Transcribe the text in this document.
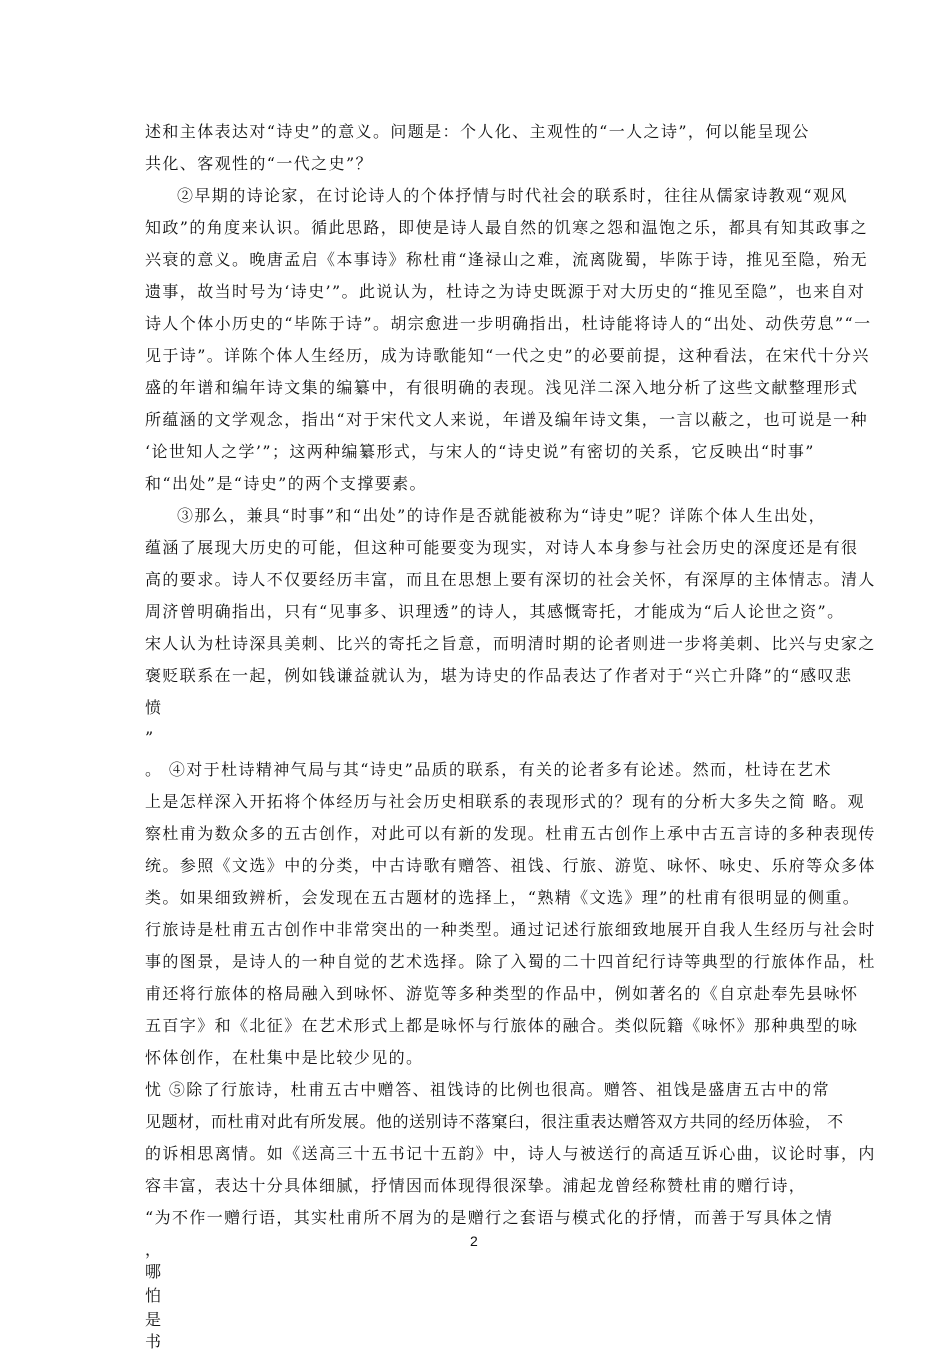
述和主体表达对“诗史”的意义。问题是：个人化、主观性的“一人之诗”，何以能呈现公
共化、客观性的“一代之史”？
②早期的诗论家，在讨论诗人的个体抒情与时代社会的联系时，往往从儒家诗教观“观风
知政”的角度来认识。循此思路，即使是诗人最自然的饥寒之怨和温饱之乐，都具有知其政事之
兴衰的意义。晚唐孟启《本事诗》称杜甫“逢禄山之难，流离陇蜀，毕陈于诗，推见至隐，殆无
遗事，故当时号为‘诗史’”。此说认为，杜诗之为诗史既源于对大历史的“推见至隐”，也来自对
诗人个体小历史的“毕陈于诗”。胡宗愈进一步明确指出，杜诗能将诗人的“出处、动佚劳息”“一
见于诗”。详陈个体人生经历，成为诗歌能知“一代之史”的必要前提，这种看法，在宋代十分兴
盛的年谱和编年诗文集的编纂中，有很明确的表现。浅见洋二深入地分析了这些文献整理形式
所蕴涵的文学观念，指出“对于宋代文人来说，年谱及编年诗文集，一言以蔽之，也可说是一种
‘论世知人之学’”；这两种编纂形式，与宋人的“诗史说”有密切的关系，它反映出“时事”
和“出处”是“诗史”的两个支撑要素。
③那么，兼具“时事”和“出处”的诗作是否就能被称为“诗史”呢？详陈个体人生出处，
蕴涵了展现大历史的可能，但这种可能要变为现实，对诗人本身参与社会历史的深度还是有很
高的要求。诗人不仅要经历丰富，而且在思想上要有深切的社会关怀，有深厚的主体情志。清人
周济曾明确指出，只有“见事多、识理透”的诗人，其感慨寄托，才能成为“后人论世之资”。
宋人认为杜诗深具美刺、比兴的寄托之旨意，而明清时期的论者则进一步将美刺、比兴与史家之
褒贬联系在一起，例如钱谦益就认为，堪为诗史的作品表达了作者对于“兴亡升降”的“感叹悲
愤
”
。 ④对于杜诗精神气局与其“诗史”品质的联系，有关的论者多有论述。然而，杜诗在艺术
上是怎样深入开拓将个体经历与社会历史相联系的表现形式的？现有的分析大多失之简 略。观
察杜甫为数众多的五古创作，对此可以有新的发现。杜甫五古创作上承中古五言诗的多种表现传
统。参照《文选》中的分类，中古诗歌有赠答、祖饯、行旅、游览、咏怀、咏史、乐府等众多体
类。如果细致辨析，会发现在五古题材的选择上，“熟精《文选》理”的杜甫有很明显的侧重。
行旅诗是杜甫五古创作中非常突出的一种类型。通过记述行旅细致地展开自我人生经历与社会时
事的图景，是诗人的一种自觉的艺术选择。除了入蜀的二十四首纪行诗等典型的行旅体作品，杜
甫还将行旅体的格局融入到咏怀、游览等多种类型的作品中，例如著名的《自京赴奉先县咏怀
五百字》和《北征》在艺术形式上都是咏怀与行旅体的融合。类似阮籍《咏怀》那种典型的咏
怀体创作，在杜集中是比较少见的。
忧 ⑤除了行旅诗，杜甫五古中赠答、祖饯诗的比例也很高。赠答、祖饯是盛唐五古中的常
见题材，而杜甫对此有所发展。他的送别诗不落窠臼，很注重表达赠答双方共同的经历体验， 不
的诉相思离情。如《送高三十五书记十五韵》中，诗人与被送行的高适互诉心曲，议论时事，内
容丰富，表达十分具体细腻，抒情因而体现得很深挚。浦起龙曾经称赞杜甫的赠行诗，
“为不作一赠行语，其实杜甫所不屑为的是赠行之套语与模式化的抒情，而善于写具体之情
，
哪
怕
是
书
2
